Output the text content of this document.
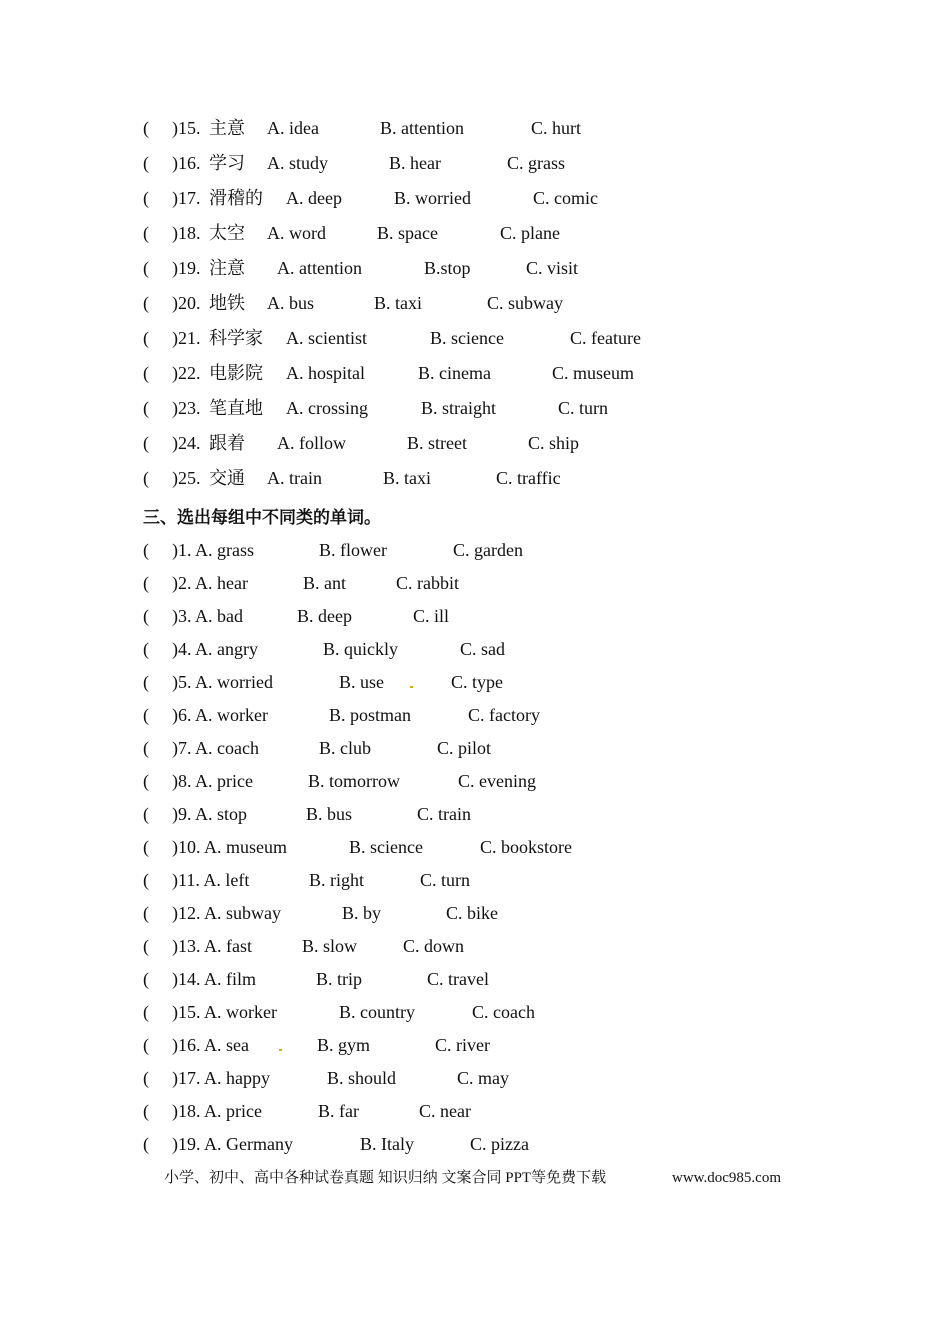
( )15. 主意 A. idea	B. attention	C. hurt
( )16. 学习 A. study	B. hear	C. grass
( )17. 滑稽的 A. deep	B. worried	C. comic
( )18. 太空 A. word	B. space	C. plane
( )19. 注意 A. attention	B.stop	C. visit
( )20. 地铁 A. bus	B. taxi	C. subway
( )21. 科学家 A. scientist	B. science	C. feature
( )22. 电影院 A. hospital	B. cinema	C. museum
( )23. 笔直地 A. crossing	B. straight	C. turn
( )24. 跟着 A. follow	B. street	C. ship
( )25. 交通 A. train	B. taxi	C. traffic
三、选出每组中不同类的单词。
( )1. A. grass	B. flower	C. garden
( )2. A. hear	B. ant	C. rabbit
( )3. A. bad	B. deep	C. ill
( )4. A. angry	B. quickly	C. sad
( )5. A. worried	B. use	C. type
( )6. A. worker	B. postman	C. factory
( )7. A. coach	B. club	C. pilot
( )8. A. price	B. tomorrow	C. evening
( )9. A. stop	B. bus	C. train
( )10. A. museum	B. science	C. bookstore
( )11. A. left	B. right	C. turn
( )12. A. subway	B. by	C. bike
( )13. A. fast	B. slow	C. down
( )14. A. film	B. trip	C. travel
( )15. A. worker	B. country	C. coach
( )16. A. sea	B. gym	C. river
( )17. A. happy	B. should	C. may
( )18. A. price	B. far	C. near
( )19. A. Germany	B. Italy	C. pizza
小学、初中、高中各种试卷真题 知识归纳 文案合同 PPT等免费下载	www.doc985.com
